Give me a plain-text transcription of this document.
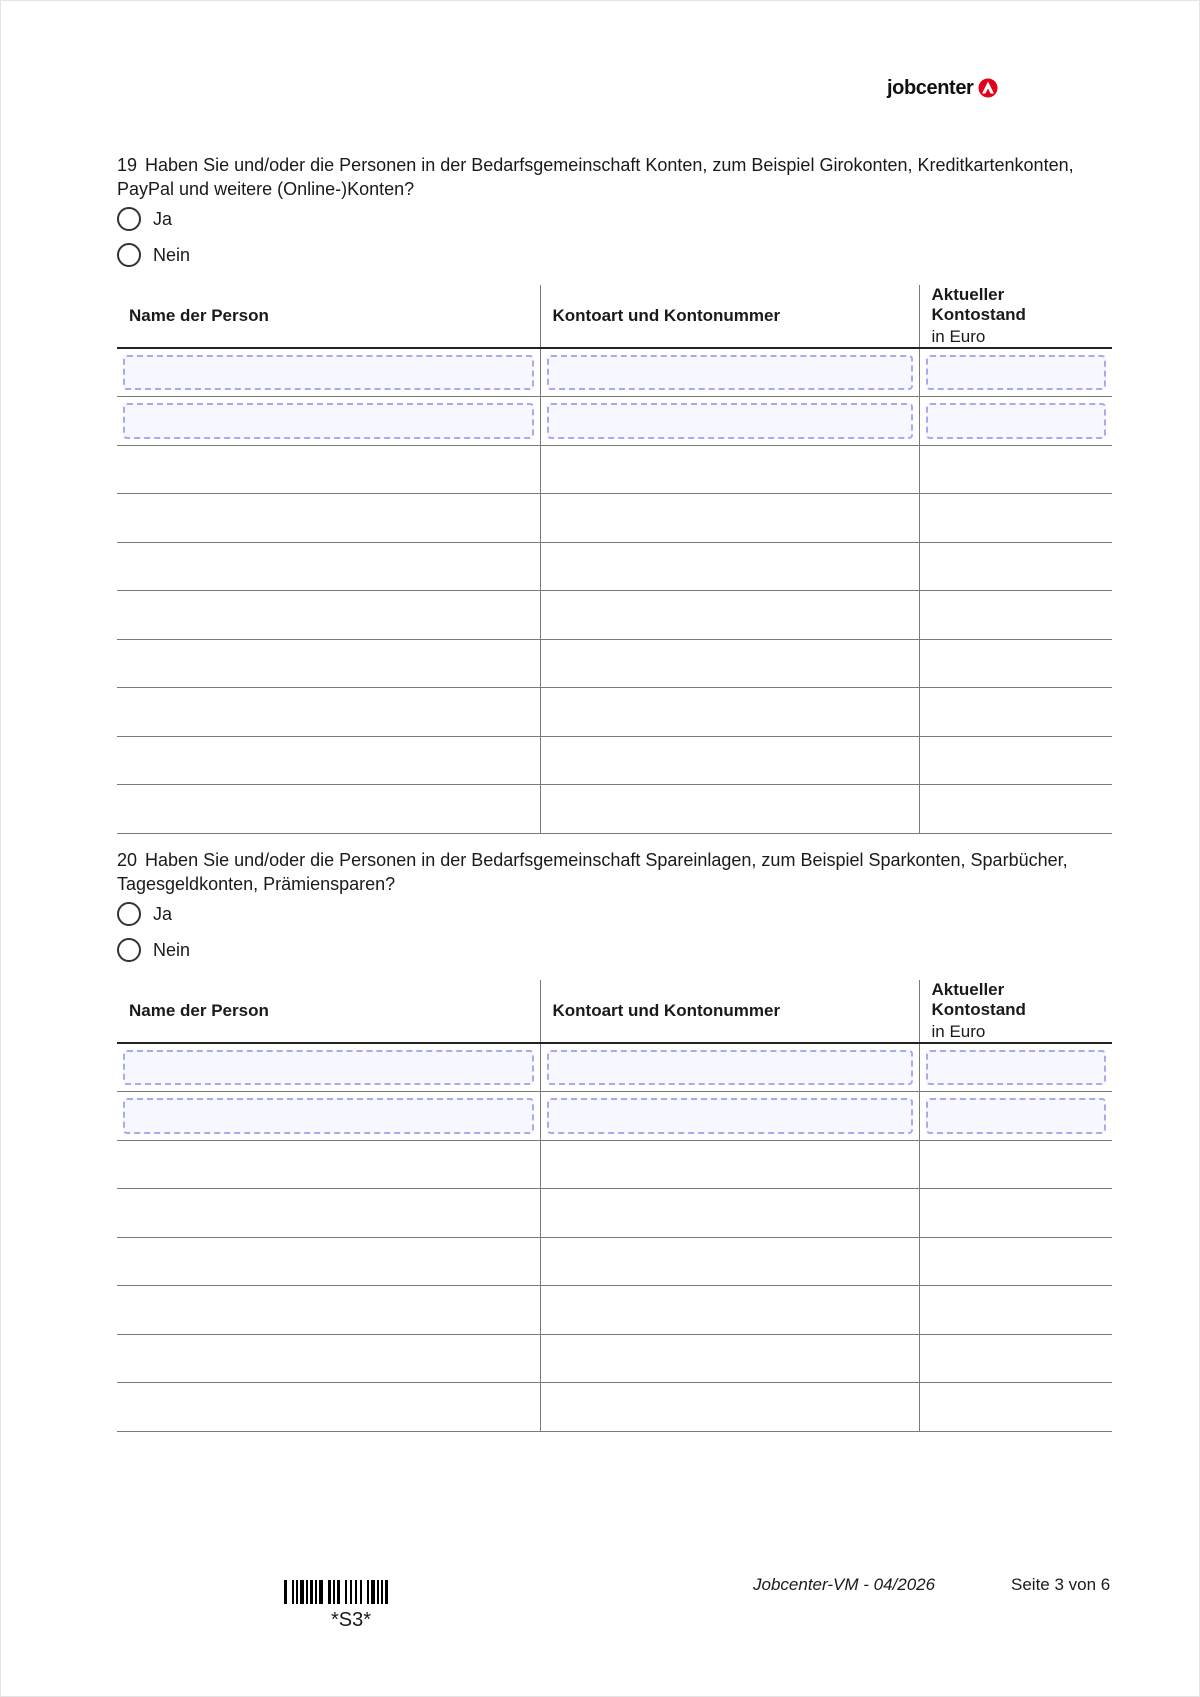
jobcenter
19 Haben Sie und/oder die Personen in der Bedarfsgemeinschaft Konten, zum Beispiel Girokonten, Kreditkartenkonten, PayPal und weitere (Online-)Konten?
Ja
Nein
Name der Person	Kontoart und Kontonummer	Aktueller Kontostand
in Euro

20 Haben Sie und/oder die Personen in der Bedarfsgemeinschaft Spareinlagen, zum Beispiel Sparkonten, Sparbücher, Tagesgeldkonten, Prämiensparen?
Ja
Nein
Name der Person	Kontoart und Kontonummer	Aktueller Kontostand
in Euro

*S3*
Jobcenter-VM - 04/2026	Seite 3 von 6
